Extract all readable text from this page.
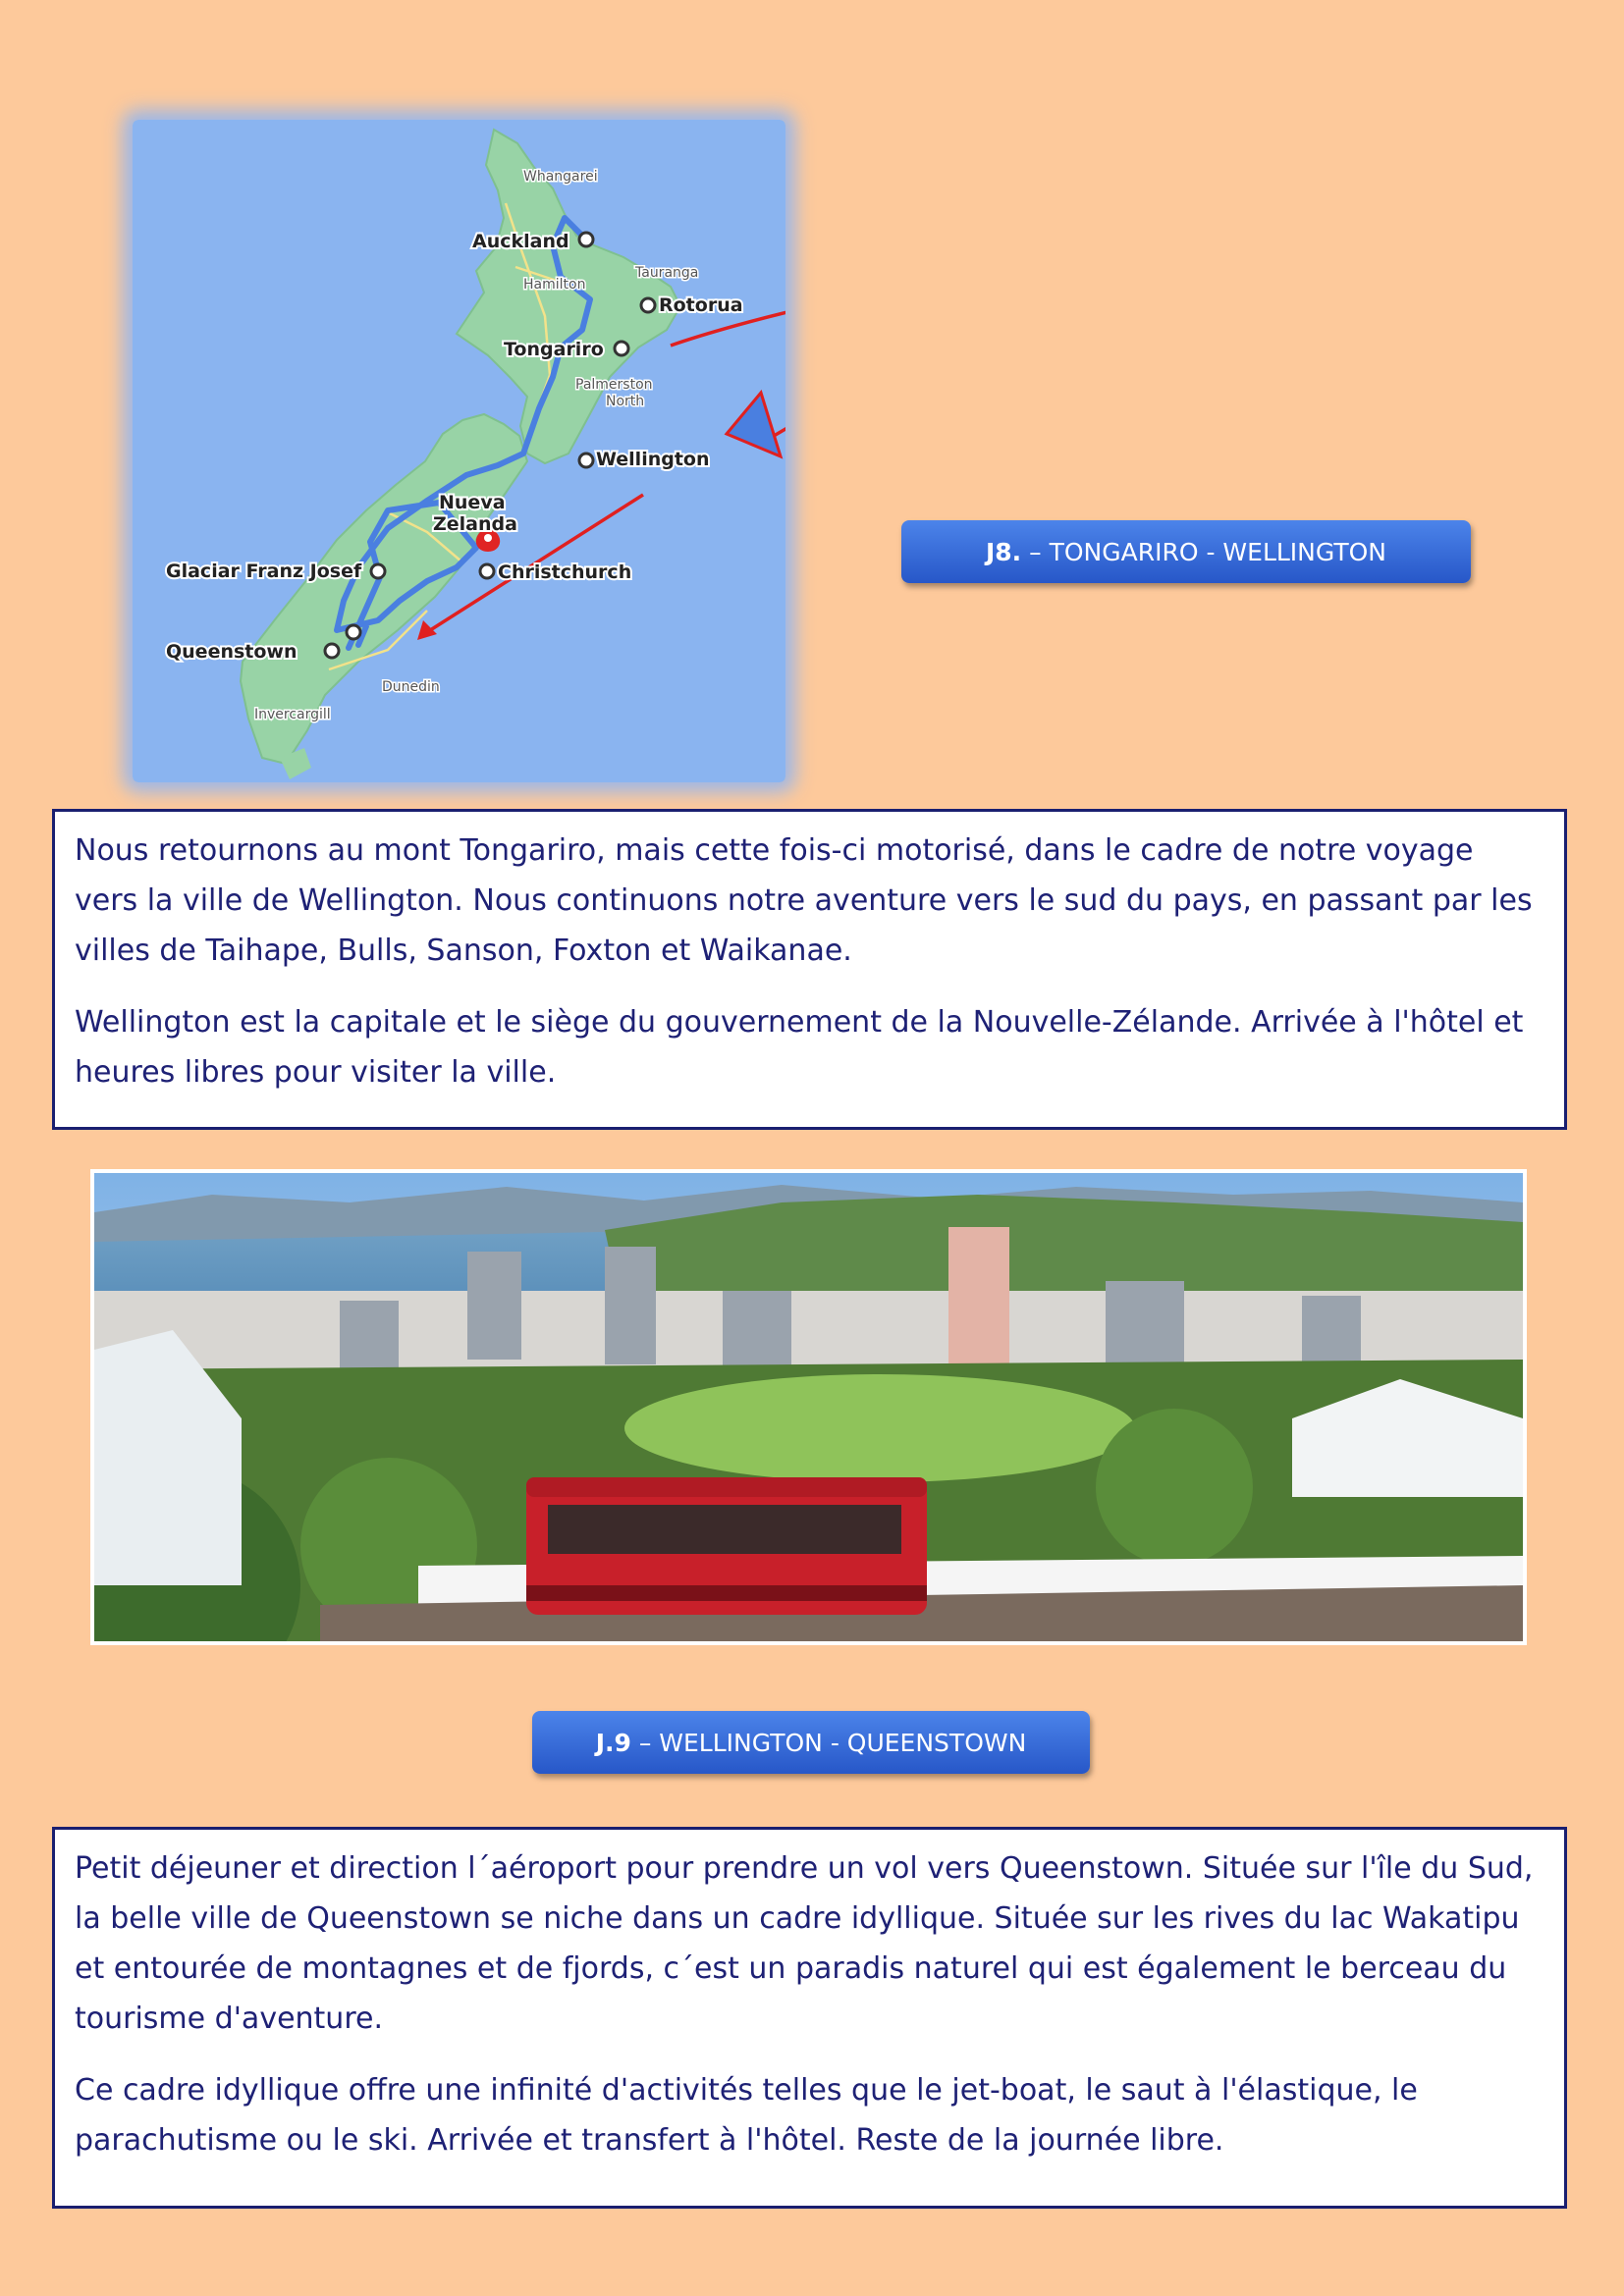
Whangarei
Auckland
Hamilton
Tauranga
Rotorua
Tongariro
Palmerston
North
Wellington
Nueva
Zelanda
Christchurch
Glaciar Franz Josef
Queenstown
Dunedin
Invercargill
J8. – TONGARIRO - WELLINGTON

Nous retournons au mont Tongariro, mais cette fois-ci motorisé, dans le cadre de notre voyage vers la ville de Wellington. Nous continuons notre aventure vers le sud du pays, en passant par les villes de Taihape, Bulls, Sanson, Foxton et Waikanae.

Wellington est la capitale et le siège du gouvernement de la Nouvelle-Zélande. Arrivée à l'hôtel et heures libres pour visiter la ville.

J.9 – WELLINGTON - QUEENSTOWN

Petit déjeuner et direction l´aéroport pour prendre un vol vers Queenstown. Située sur l'île du Sud, la belle ville de Queenstown se niche dans un cadre idyllique. Située sur les rives du lac Wakatipu et entourée de montagnes et de fjords, c´est un paradis naturel qui est également le berceau du tourisme d'aventure.

Ce cadre idyllique offre une infinité d'activités telles que le jet-boat, le saut à l'élastique, le parachutisme ou le ski. Arrivée et transfert à l'hôtel. Reste de la journée libre.
